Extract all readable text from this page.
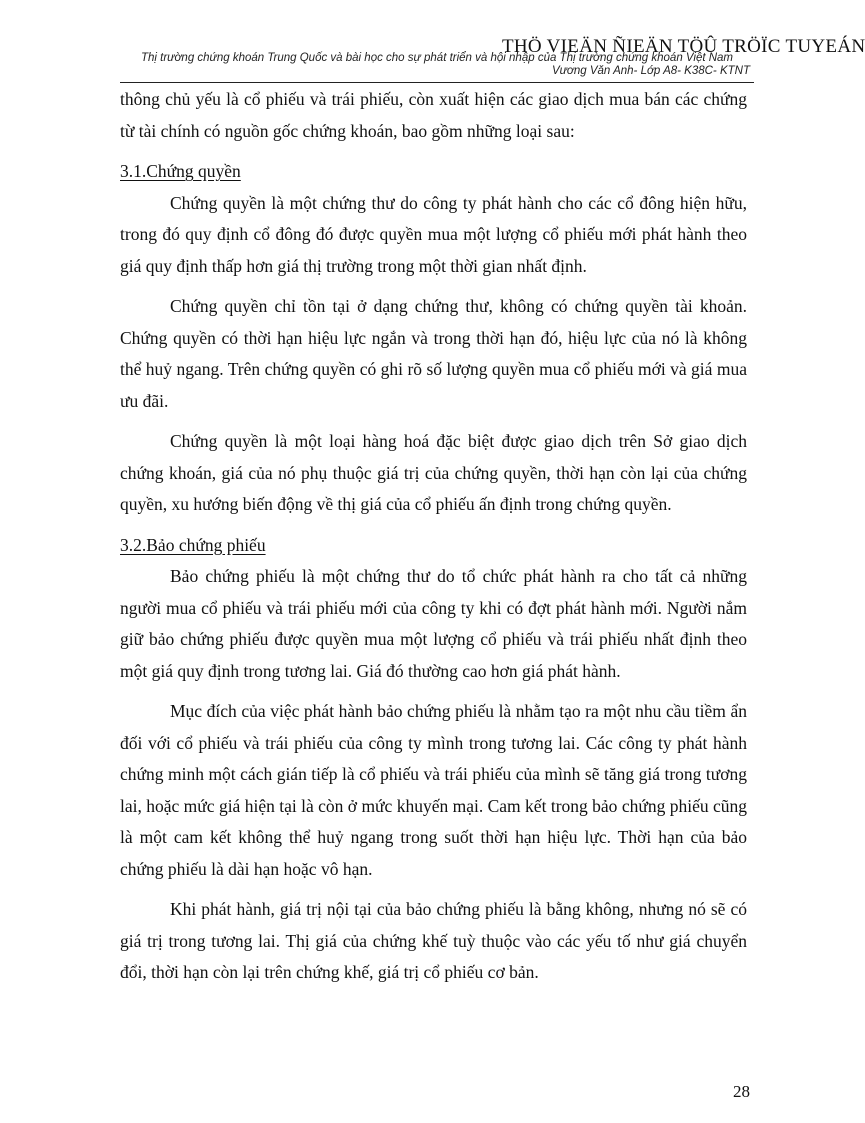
THÖ VIEÄN ÑIEÄN TÖÛ TRÖÏC TUYEÁN
Thị trường chứng khoán Trung Quốc và bài học cho sự phát triển và hội nhập của Thị trường chứng khoán Việt Nam
Vương Văn Anh- Lớp A8- K38C- KTNT

thông chủ yếu là cổ phiếu và trái phiếu, còn xuất hiện các giao dịch mua bán các chứng từ tài chính có nguồn gốc chứng khoán, bao gồm những loại sau:

3.1.Chứng quyền

Chứng quyền là một chứng thư do công ty phát hành cho các cổ đông hiện hữu, trong đó quy định cổ đông đó được quyền mua một lượng cổ phiếu mới phát hành theo giá quy định thấp hơn giá thị trường trong một thời gian nhất định.

Chứng quyền chỉ tồn tại ở dạng chứng thư, không có chứng quyền tài khoản. Chứng quyền có thời hạn hiệu lực ngắn và trong thời hạn đó, hiệu lực của nó là không thể huỷ ngang. Trên chứng quyền có ghi rõ số lượng quyền mua cổ phiếu mới và giá mua ưu đãi.

Chứng quyền là một loại hàng hoá đặc biệt được giao dịch trên Sở giao dịch chứng khoán, giá của nó phụ thuộc giá trị của chứng quyền, thời hạn còn lại của chứng quyền, xu hướng biến động về thị giá của cổ phiếu ấn định trong chứng quyền.

3.2.Bảo chứng phiếu

Bảo chứng phiếu là một chứng thư do tổ chức phát hành ra cho tất cả những người mua cổ phiếu và trái phiếu mới của công ty khi có đợt phát hành mới. Người nắm giữ bảo chứng phiếu được quyền mua một lượng cổ phiếu và trái phiếu nhất định theo một giá quy định trong tương lai. Giá đó thường cao hơn giá phát hành.

Mục đích của việc phát hành bảo chứng phiếu là nhằm tạo ra một nhu cầu tiềm ẩn đối với cổ phiếu và trái phiếu của công ty mình trong tương lai. Các công ty phát hành chứng minh một cách gián tiếp là cổ phiếu và trái phiếu của mình sẽ tăng giá trong tương lai, hoặc mức giá hiện tại là còn ở mức khuyến mại. Cam kết trong bảo chứng phiếu cũng là một cam kết không thể huỷ ngang trong suốt thời hạn hiệu lực. Thời hạn của bảo chứng phiếu là dài hạn hoặc vô hạn.

Khi phát hành, giá trị nội tại của bảo chứng phiếu là bằng không, nhưng nó sẽ có giá trị trong tương lai. Thị giá của chứng khế tuỳ thuộc vào các yếu tố như giá chuyển đổi, thời hạn còn lại trên chứng khế, giá trị cổ phiếu cơ bản.

28
